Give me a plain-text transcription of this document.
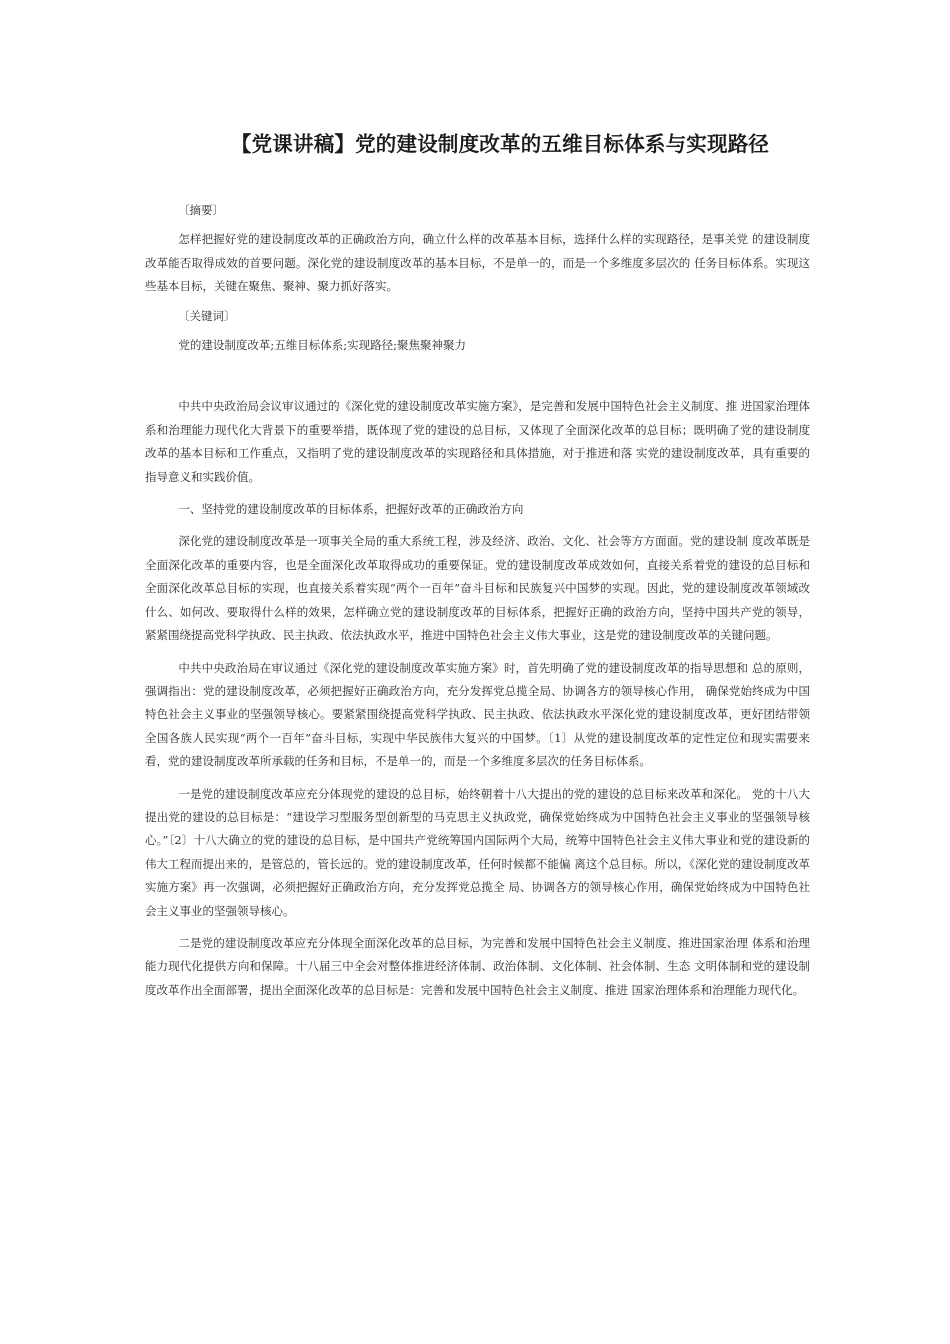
【党课讲稿】党的建设制度改革的五维目标体系与实现路径
〔摘要〕

怎样把握好党的建设制度改革的正确政治方向，确立什么样的改革基本目标，选择什么样的实现路径，是事关党 的建设制度改革能否取得成效的首要问题。深化党的建设制度改革的基本目标，不是单一的，而是一个多维度多层次的 任务目标体系。实现这些基本目标，关键在聚焦、聚神、聚力抓好落实。

〔关键词〕

党的建设制度改革;五维目标体系;实现路径;聚焦聚神聚力

中共中央政治局会议审议通过的《深化党的建设制度改革实施方案》，是完善和发展中国特色社会主义制度、推 进国家治理体系和治理能力现代化大背景下的重要举措，既体现了党的建设的总目标，又体现了全面深化改革的总目标；既明确了党的建设制度改革的基本目标和工作重点，又指明了党的建设制度改革的实现路径和具体措施，对于推进和落 实党的建设制度改革，具有重要的指导意义和实践价值。

一、坚持党的建设制度改革的目标体系，把握好改革的正确政治方向

深化党的建设制度改革是一项事关全局的重大系统工程，涉及经济、政治、文化、社会等方方面面。党的建设制 度改革既是全面深化改革的重要内容，也是全面深化改革取得成功的重要保证。党的建设制度改革成效如何，直接关系着党的建设的总目标和全面深化改革总目标的实现，也直接关系着实现“两个一百年”奋斗目标和民族复兴中国梦的实现。因此，党的建设制度改革领域改什么、如何改、要取得什么样的效果，怎样确立党的建设制度改革的目标体系，把握好正确的政治方向，坚持中国共产党的领导，紧紧围绕提高党科学执政、民主执政、依法执政水平，推进中国特色社会主义伟大事业，这是党的建设制度改革的关键问题。

中共中央政治局在审议通过《深化党的建设制度改革实施方案》时，首先明确了党的建设制度改革的指导思想和 总的原则，强调指出：党的建设制度改革，必须把握好正确政治方向，充分发挥党总揽全局、协调各方的领导核心作用， 确保党始终成为中国特色社会主义事业的坚强领导核心。要紧紧围绕提高党科学执政、民主执政、依法执政水平深化党的建设制度改革，更好团结带领全国各族人民实现“两个一百年”奋斗目标，实现中华民族伟大复兴的中国梦。〔1〕从党的建设制度改革的定性定位和现实需要来看，党的建设制度改革所承载的任务和目标，不是单一的，而是一个多维度多层次的任务目标体系。

一是党的建设制度改革应充分体现党的建设的总目标，始终朝着十八大提出的党的建设的总目标来改革和深化。 党的十八大提出党的建设的总目标是：“建设学习型服务型创新型的马克思主义执政党，确保党始终成为中国特色社会主义事业的坚强领导核心。”〔2〕十八大确立的党的建设的总目标，是中国共产党统筹国内国际两个大局，统筹中国特色社会主义伟大事业和党的建设新的伟大工程而提出来的，是管总的，管长远的。党的建设制度改革，任何时候都不能偏 离这个总目标。所以，《深化党的建设制度改革实施方案》再一次强调，必须把握好正确政治方向，充分发挥党总揽全 局、协调各方的领导核心作用，确保党始终成为中国特色社会主义事业的坚强领导核心。

二是党的建设制度改革应充分体现全面深化改革的总目标，为完善和发展中国特色社会主义制度、推进国家治理 体系和治理能力现代化提供方向和保障。十八届三中全会对整体推进经济体制、政治体制、文化体制、社会体制、生态 文明体制和党的建设制度改革作出全面部署，提出全面深化改革的总目标是：完善和发展中国特色社会主义制度、推进 国家治理体系和治理能力现代化。
